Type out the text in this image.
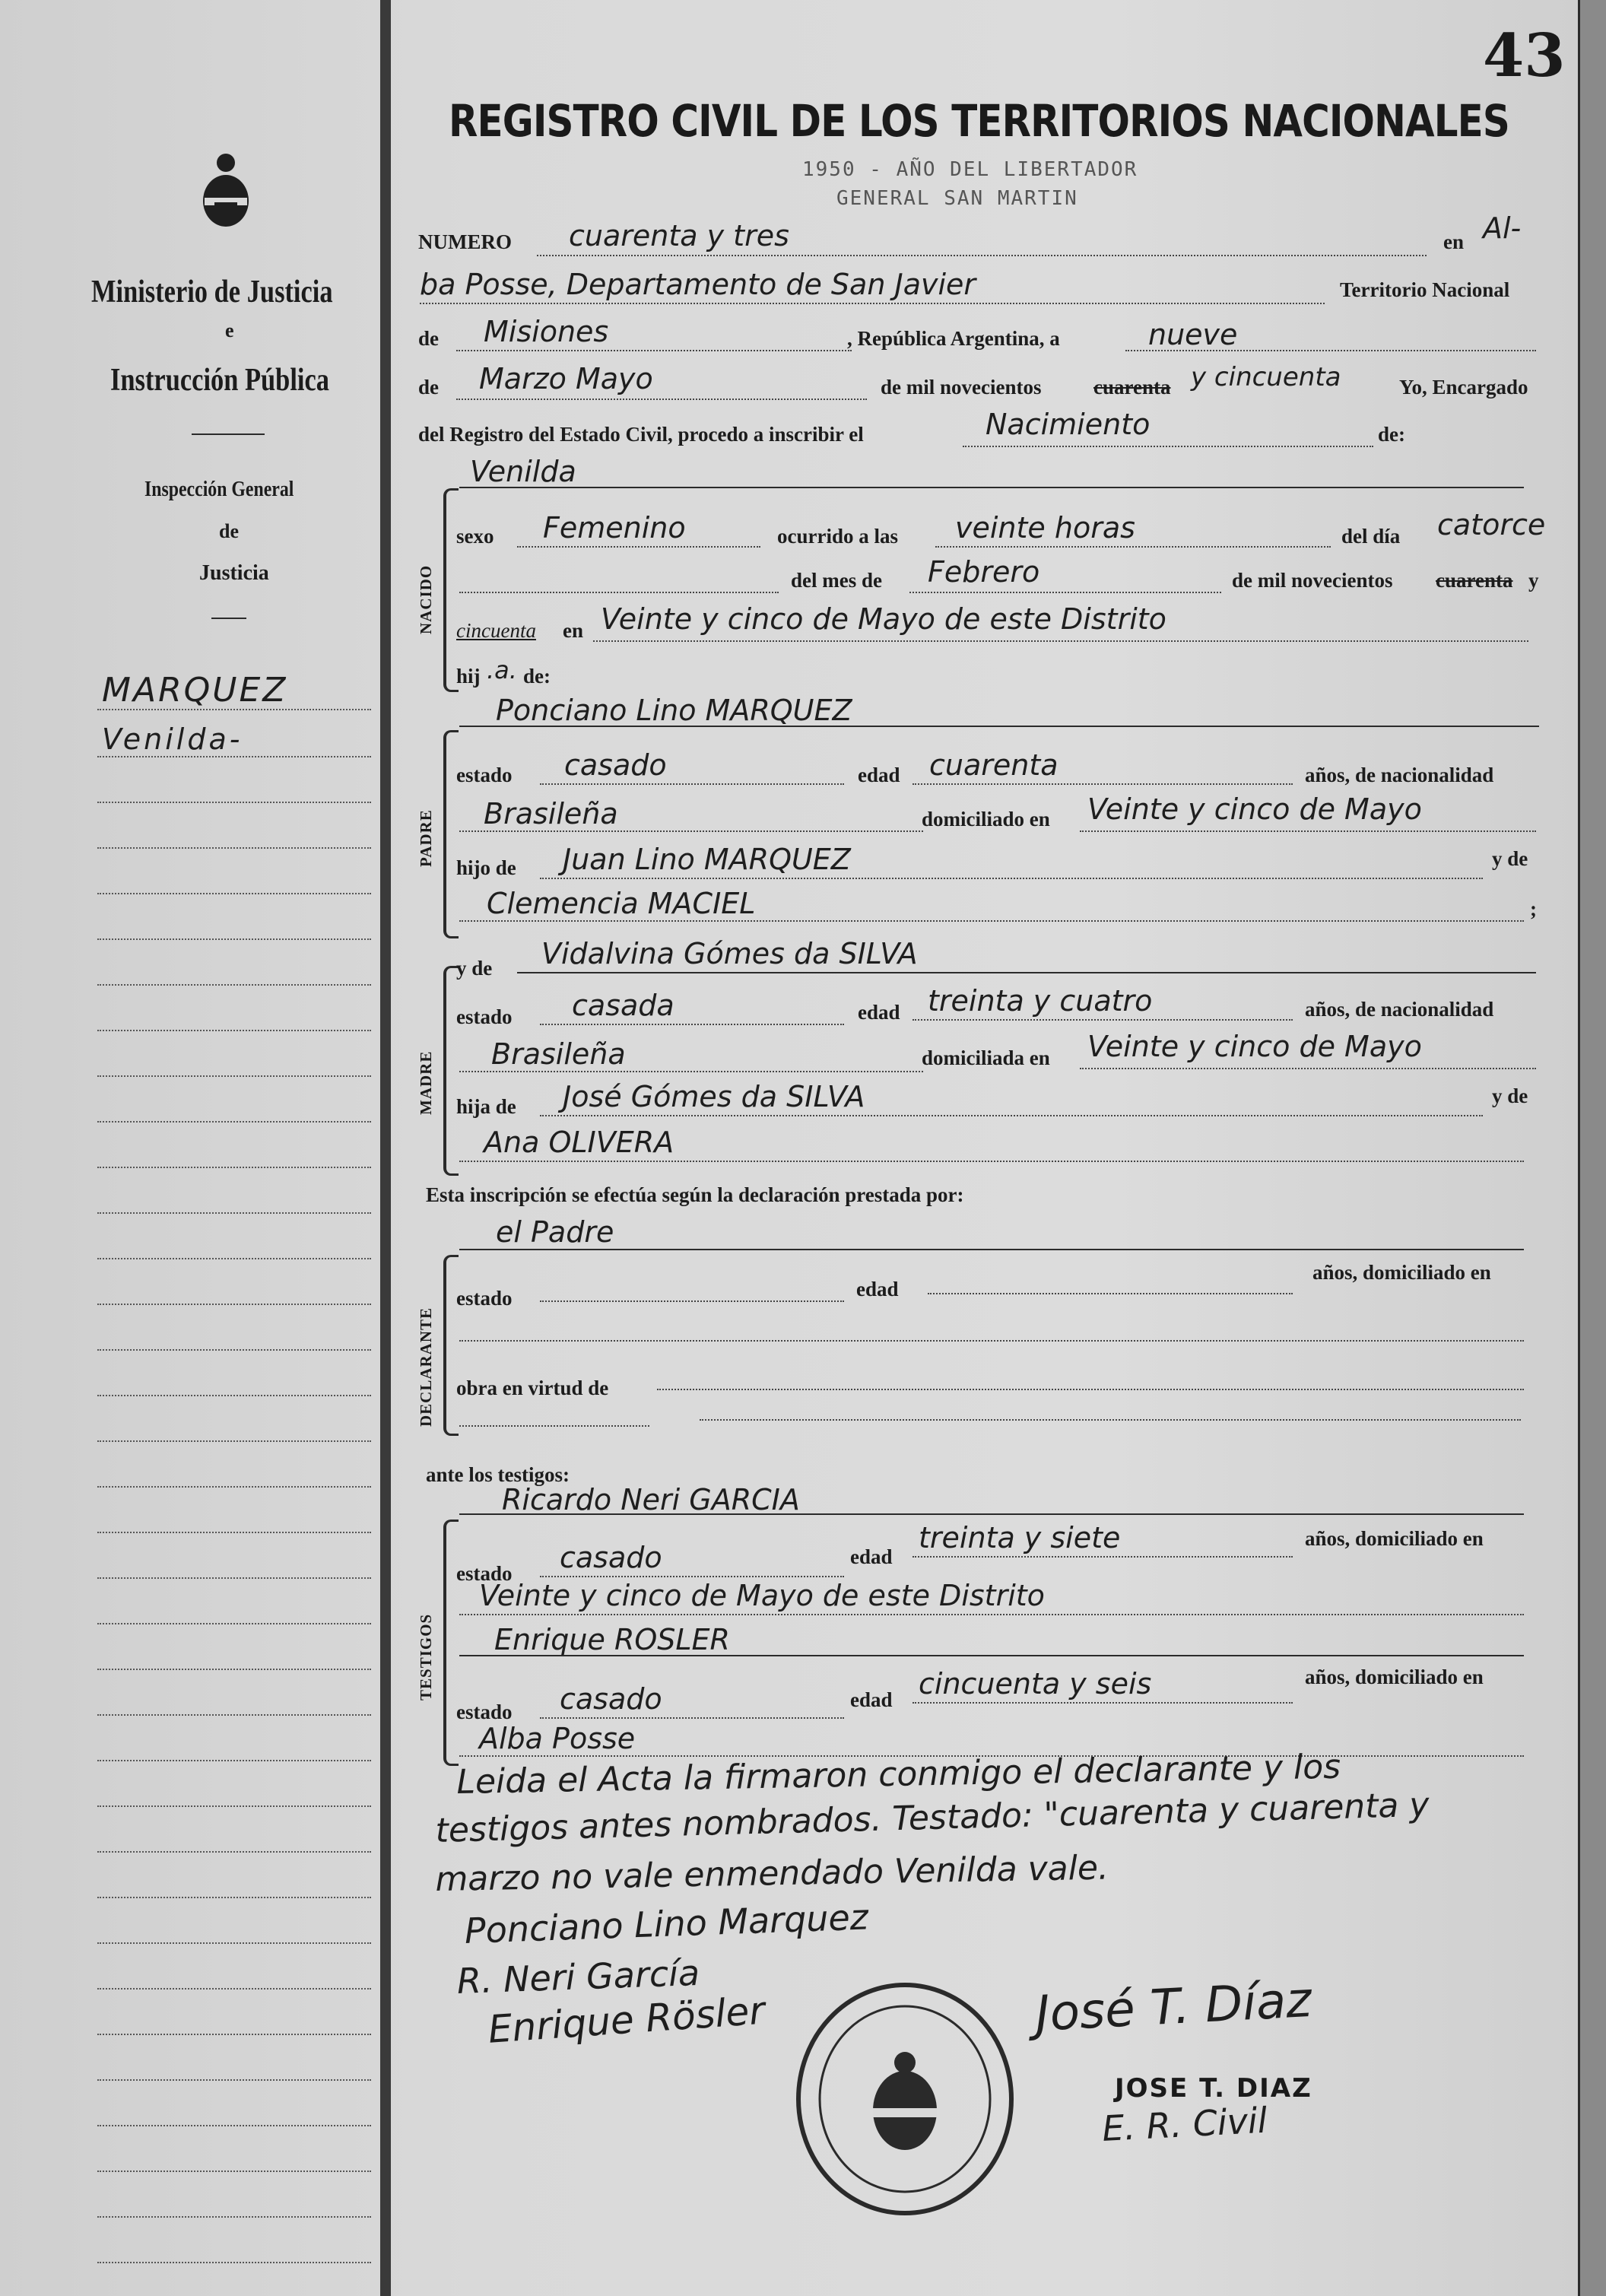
43
REGISTRO CIVIL DE LOS TERRITORIOS NACIONALES
1950 - AÑO DEL LIBERTADOR
GENERAL SAN MARTIN
Ministerio de Justicia
e
Instrucción Pública
Inspección General
de
Justicia
MARQUEZ
Venilda-
NUMERO cuarenta y tres	en Al-
ba Posse, Departamento de San Javier	Territorio Nacional
de Misiones	, República Argentina, a	nueve
de Marzo Mayo	de mil novecientos	cuarenta y cincuenta	Yo, Encargado
del Registro del Estado Civil, procedo a inscribir el	Nacimiento	de:
NACIDO
Venilda
sexo Femenino	ocurrido a las veinte horas	del día catorce
del mes de Febrero	de mil novecientos cuarenta y
cincuenta en Veinte y cinco de Mayo de este Distrito
hij .a. de:
Ponciano Lino MARQUEZ
PADRE
estado casado	edad cuarenta	años, de nacionalidad
Brasileña	domiciliado en Veinte y cinco de Mayo
hijo de Juan Lino MARQUEZ	y de
Clemencia MACIEL	;
MADRE
y de Vidalvina Gómes da SILVA
estado casada	edad treinta y cuatro	años, de nacionalidad
Brasileña	domiciliada en Veinte y cinco de Mayo
hija de José Gómes da SILVA	y de
Ana OLIVERA
Esta inscripción se efectúa según la declaración prestada por:
el Padre
DECLARANTE
estado	edad
años, domiciliado en
obra en virtud de
ante los testigos:
Ricardo Neri GARCIA
TESTIGOS
estado casado	edad
treinta y siete	años, domiciliado en
Veinte y cinco de Mayo de este Distrito
Enrique ROSLER
estado casado	edad cincuenta y seis	años, domiciliado en
Alba Posse
Leida el Acta la firmaron conmigo el declarante y los
testigos antes nombrados. Testado: "cuarenta y cuarenta y
marzo no vale enmendado Venilda vale.
Ponciano Lino Marquez
R. Neri García
Enrique Rösler	José T. Díaz
JOSE T. DIAZ
E. R. Civil
